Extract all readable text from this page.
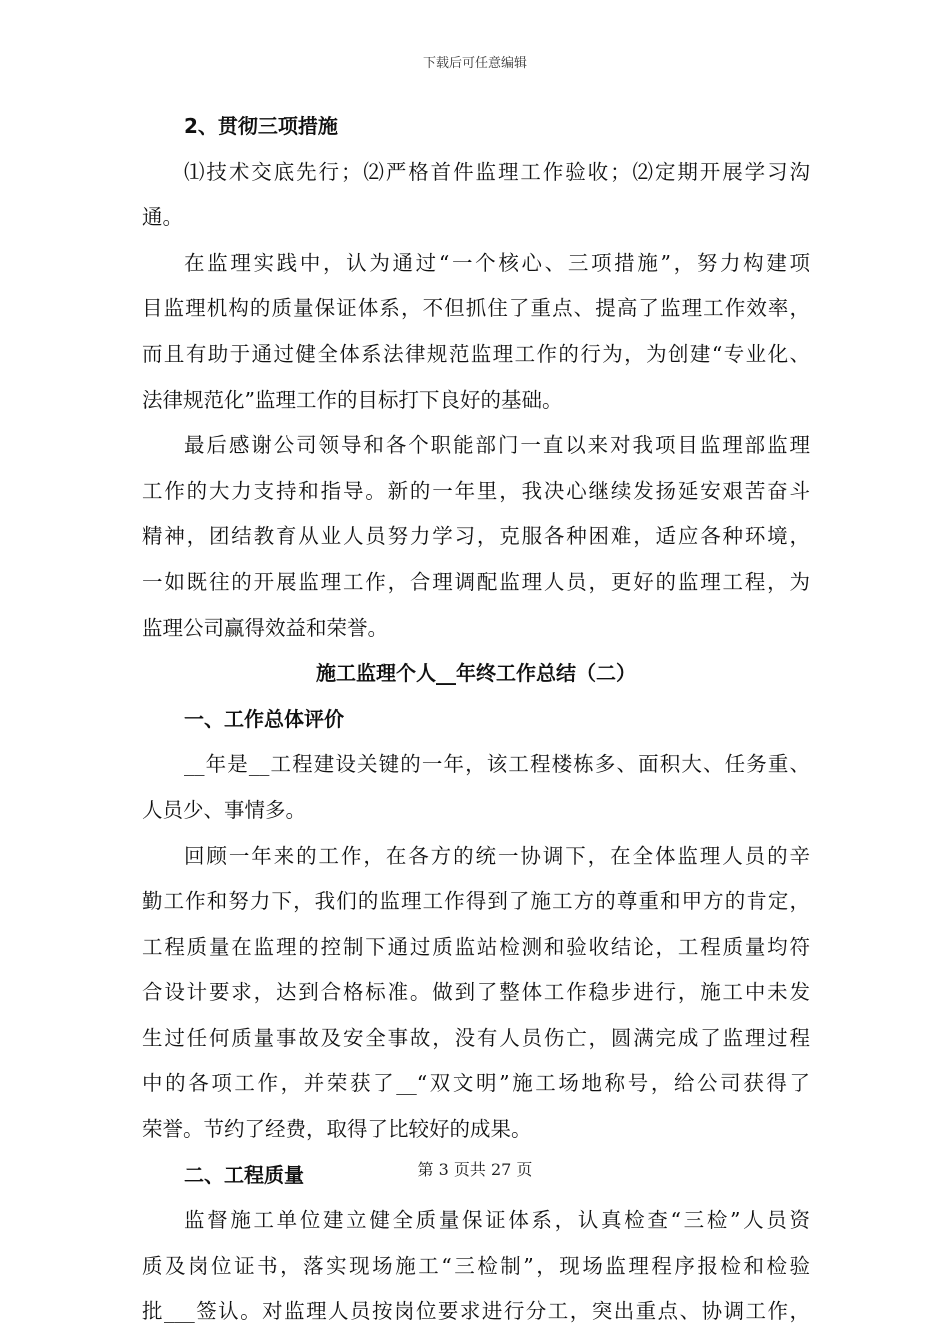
下载后可任意编辑
2、贯彻三项措施
⑴技术交底先行；⑵严格首件监理工作验收；⑵定期开展学习沟
通。
在监理实践中，认为通过“一个核心、三项措施”，努力构建项
目监理机构的质量保证体系，不但抓住了重点、提高了监理工作效率，
而且有助于通过健全体系法律规范监理工作的行为，为创建“专业化、
法律规范化”监理工作的目标打下良好的基础。
最后感谢公司领导和各个职能部门一直以来对我项目监理部监理
工作的大力支持和指导。新的一年里，我决心继续发扬延安艰苦奋斗
精神，团结教育从业人员努力学习，克服各种困难，适应各种环境，
一如既往的开展监理工作，合理调配监理人员，更好的监理工程，为
监理公司赢得效益和荣誉。
施工监理个人__年终工作总结（二）
一、工作总体评价
__年是__工程建设关键的一年，该工程楼栋多、面积大、任务重、
人员少、事情多。
回顾一年来的工作，在各方的统一协调下，在全体监理人员的辛
勤工作和努力下，我们的监理工作得到了施工方的尊重和甲方的肯定，
工程质量在监理的控制下通过质监站检测和验收结论，工程质量均符
合设计要求，达到合格标准。做到了整体工作稳步进行，施工中未发
生过任何质量事故及安全事故，没有人员伤亡，圆满完成了监理过程
中的各项工作，并荣获了__“双文明”施工场地称号，给公司获得了
荣誉。节约了经费，取得了比较好的成果。
二、工程质量
监督施工单位建立健全质量保证体系，认真检查“三检”人员资
质及岗位证书，落实现场施工“三检制”，现场监理程序报检和检验
批___签认。对监理人员按岗位要求进行分工，突出重点、协调工作，
第 3 页共 27 页
